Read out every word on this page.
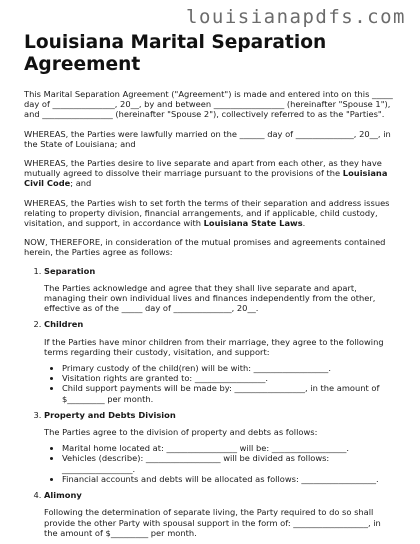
louisianapdfs.com
Louisiana Marital Separation Agreement

This Marital Separation Agreement ("Agreement") is made and entered into on this _____ day of _______________, 20__, by and between _________________ (hereinafter "Spouse 1"), and _________________ (hereinafter "Spouse 2"), collectively referred to as the "Parties".

WHEREAS, the Parties were lawfully married on the ______ day of ______________, 20__, in the State of Louisiana; and

WHEREAS, the Parties desire to live separate and apart from each other, as they have mutually agreed to dissolve their marriage pursuant to the provisions of the Louisiana Civil Code; and

WHEREAS, the Parties wish to set forth the terms of their separation and address issues relating to property division, financial arrangements, and if applicable, child custody, visitation, and support, in accordance with Louisiana State Laws.

NOW, THEREFORE, in consideration of the mutual promises and agreements contained herein, the Parties agree as follows:

1. Separation

The Parties acknowledge and agree that they shall live separate and apart, managing their own individual lives and finances independently from the other, effective as of the _____ day of ______________, 20__.

2. Children

If the Parties have minor children from their marriage, they agree to the following terms regarding their custody, visitation, and support:

• Primary custody of the child(ren) will be with: __________________.
• Visitation rights are granted to: _________________.
• Child support payments will be made by: _________________, in the amount of $_________ per month.
3. Property and Debts Division

The Parties agree to the division of property and debts as follows:

• Marital home located at: _________________ will be: __________________.
• Vehicles (describe): __________________ will be divided as follows: _________________.
• Financial accounts and debts will be allocated as follows: __________________.
4. Alimony

Following the determination of separate living, the Party required to do so shall provide the other Party with spousal support in the form of: __________________, in the amount of $_________ per month.
